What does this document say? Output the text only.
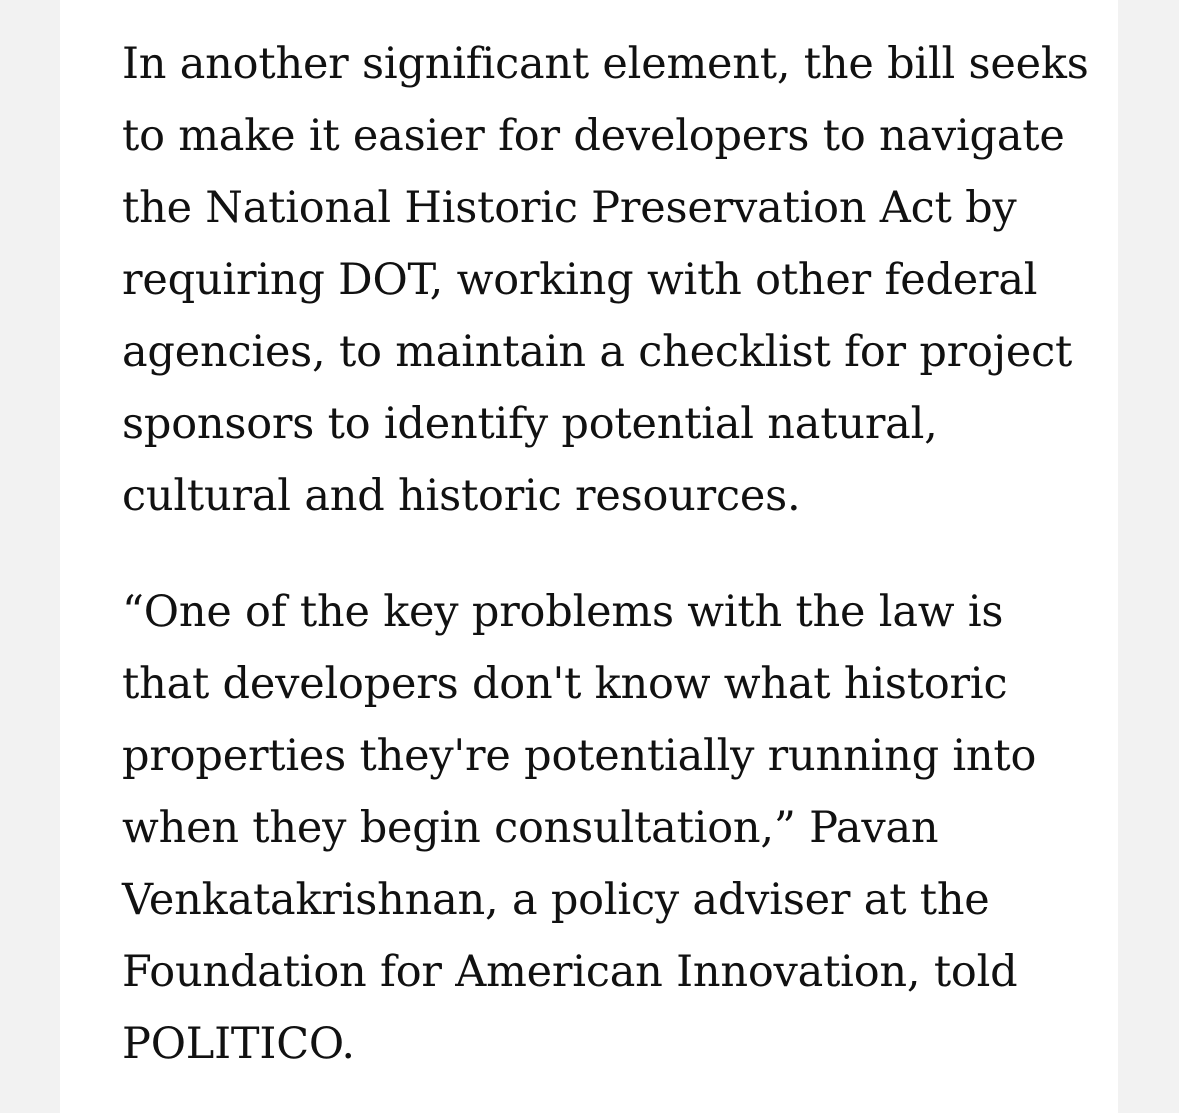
In another significant element, the bill seeks
to make it easier for developers to navigate
the National Historic Preservation Act by
requiring DOT, working with other federal
agencies, to maintain a checklist for project
sponsors to identify potential natural,
cultural and historic resources.

“One of the key problems with the law is
that developers don't know what historic
properties they're potentially running into
when they begin consultation,” Pavan
Venkatakrishnan, a policy adviser at the
Foundation for American Innovation, told
POLITICO.
